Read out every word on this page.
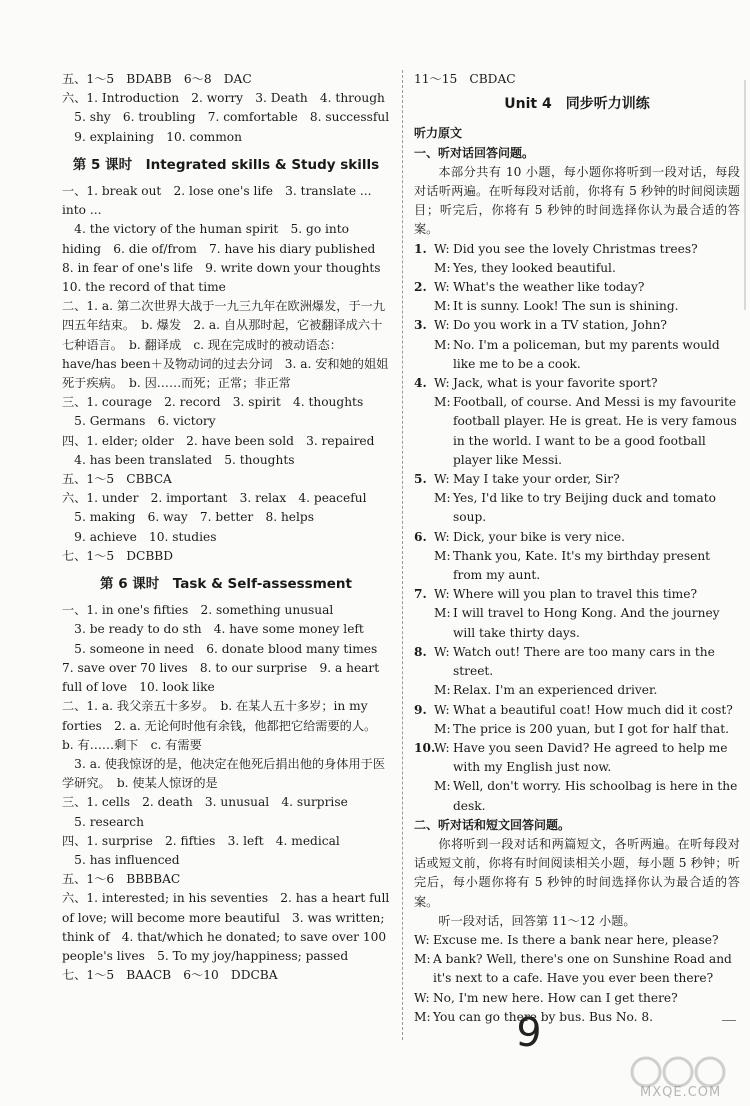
五、1～5　BDABB　6～8　DAC
六、1. Introduction　2. worry　3. Death　4. through
　5. shy　6. troubling　7. comfortable　8. successful
　9. explaining　10. common
第 5 课时　Integrated skills & Study skills
一、1. break out　2. lose one's life　3. translate ... into ...
　4. the victory of the human spirit　5. go into hiding　6. die of/from　7. have his diary published　8. in fear of one's life　9. write down your thoughts　10. the record of that time
二、1. a. 第二次世界大战于一九三九年在欧洲爆发，于一九四五年结束。　b. 爆发　2. a. 自从那时起，它被翻译成六十七种语言。　b. 翻译成　c. 现在完成时的被动语态：have/has been＋及物动词的过去分词　3. a. 安和她的姐姐死于疾病。　b. 因……而死；正常；非正常
三、1. courage　2. record　3. spirit　4. thoughts
　5. Germans　6. victory
四、1. elder; older　2. have been sold　3. repaired
　4. has been translated　5. thoughts
五、1～5　CBBCA
六、1. under　2. important　3. relax　4. peaceful
　5. making　6. way　7. better　8. helps
　9. achieve　10. studies
七、1～5　DCBBD
第 6 课时　Task & Self-assessment
一、1. in one's fifties　2. something unusual
　3. be ready to do sth　4. have some money left
　5. someone in need　6. donate blood many times　7. save over 70 lives　8. to our surprise　9. a heart full of love　10. look like
二、1. a. 我父亲五十多岁。　b. 在某人五十多岁；in my forties　2. a. 无论何时他有余钱，他都把它给需要的人。　b. 有……剩下　c. 有需要
　3. a. 使我惊讶的是，他决定在他死后捐出他的身体用于医学研究。　b. 使某人惊讶的是
三、1. cells　2. death　3. unusual　4. surprise
　5. research
四、1. surprise　2. fifties　3. left　4. medical
　5. has influenced
五、1～6　BBBBAC
六、1. interested; in his seventies　2. has a heart full of love; will become more beautiful　3. was written; think of　4. that/which he donated; to save over 100 people's lives　5. To my joy/happiness; passed
七、1～5　BAACB　6～10　DDCBA
11～15　CBDAC
Unit 4　同步听力训练
听力原文
一、听对话回答问题。
本部分共有 10 小题，每小题你将听到一段对话，每段对话听两遍。在听每段对话前，你将有 5 秒钟的时间阅读题目；听完后，你将有 5 秒钟的时间选择你认为最合适的答案。
1. W: Did you see the lovely Christmas trees?
M: Yes, they looked beautiful.
2. W: What's the weather like today?
M: It is sunny. Look! The sun is shining.
3. W: Do you work in a TV station, John?
M: No. I'm a policeman, but my parents would like me to be a cook.
4. W: Jack, what is your favorite sport?
M: Football, of course. And Messi is my favourite football player. He is great. He is very famous in the world. I want to be a good football player like Messi.
5. W: May I take your order, Sir?
M: Yes, I'd like to try Beijing duck and tomato soup.
6. W: Dick, your bike is very nice.
M: Thank you, Kate. It's my birthday present from my aunt.
7. W: Where will you plan to travel this time?
M: I will travel to Hong Kong. And the journey will take thirty days.
8. W: Watch out! There are too many cars in the street.
M: Relax. I'm an experienced driver.
9. W: What a beautiful coat! How much did it cost?
M: The price is 200 yuan, but I got for half that.
10.
W: Have you seen David? He agreed to help me with my English just now.
M: Well, don't worry. His schoolbag is here in the desk.
二、听对话和短文回答问题。
你将听到一段对话和两篇短文，各听两遍。在听每段对话或短文前，你将有时间阅读相关小题，每小题 5 秒钟；听完后，每小题你将有 5 秒钟的时间选择你认为最合适的答案。
听一段对话，回答第 11～12 小题。
W: Excuse me. Is there a bank near here, please?
M: A bank? Well, there's one on Sunshine Road and it's next to a cafe. Have you ever been there?
W: No, I'm new here. How can I get there?
M: You can go there by bus. Bus No. 8.
9
MXQE.COM
